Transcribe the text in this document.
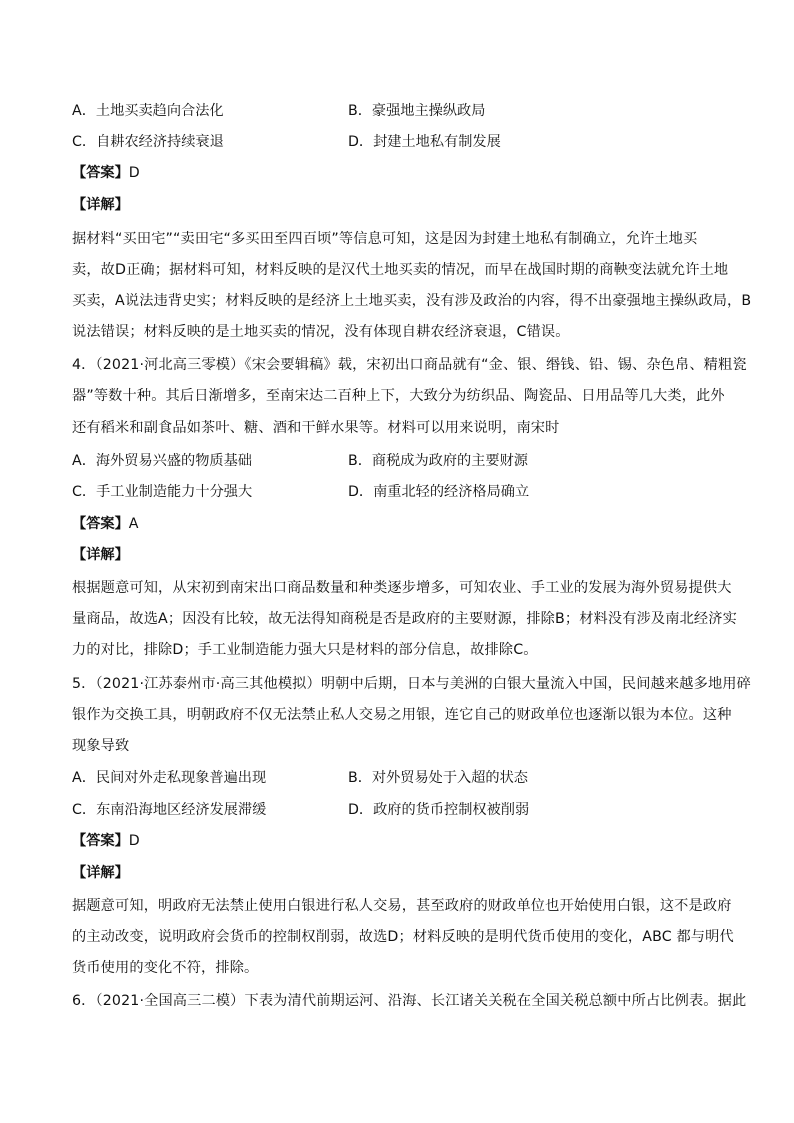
A．土地买卖趋向合法化	B．豪强地主操纵政局
C．自耕农经济持续衰退	D．封建土地私有制发展
【答案】D
【详解】
据材料“买田宅”“卖田宅“多买田至四百顷”等信息可知，这是因为封建土地私有制确立，允许土地买
卖，故D正确；据材料可知，材料反映的是汉代土地买卖的情况，而早在战国时期的商鞅变法就允许土地
买卖，A说法违背史实；材料反映的是经济上土地买卖，没有涉及政治的内容，得不出豪强地主操纵政局，B
说法错误；材料反映的是土地买卖的情况，没有体现自耕农经济衰退，C错误。
4．（2021·河北高三零模）《宋会要辑稿》载，宋初出口商品就有“金、银、缗钱、铅、锡、杂色帛、精粗瓷
器”等数十种。其后日渐增多，至南宋达二百种上下，大致分为纺织品、陶瓷品、日用品等几大类，此外
还有稻米和副食品如茶叶、糖、酒和干鲜水果等。材料可以用来说明，南宋时
A．海外贸易兴盛的物质基础	B．商税成为政府的主要财源
C．手工业制造能力十分强大	D．南重北轻的经济格局确立
【答案】A
【详解】
根据题意可知，从宋初到南宋出口商品数量和种类逐步增多，可知农业、手工业的发展为海外贸易提供大
量商品，故选A；因没有比较，故无法得知商税是否是政府的主要财源，排除B；材料没有涉及南北经济实
力的对比，排除D；手工业制造能力强大只是材料的部分信息，故排除C。
5．（2021·江苏泰州市·高三其他模拟）明朝中后期，日本与美洲的白银大量流入中国，民间越来越多地用碎
银作为交换工具，明朝政府不仅无法禁止私人交易之用银，连它自己的财政单位也逐渐以银为本位。这种
现象导致
A．民间对外走私现象普遍出现	B．对外贸易处于入超的状态
C．东南沿海地区经济发展滞缓	D．政府的货币控制权被削弱
【答案】D
【详解】
据题意可知，明政府无法禁止使用白银进行私人交易，甚至政府的财政单位也开始使用白银，这不是政府
的主动改变，说明政府会货币的控制权削弱，故选D；材料反映的是明代货币使用的变化，ABC 都与明代
货币使用的变化不符，排除。
6．（2021·全国高三二模）下表为清代前期运河、沿海、长江诸关关税在全国关税总额中所占比例表。据此
